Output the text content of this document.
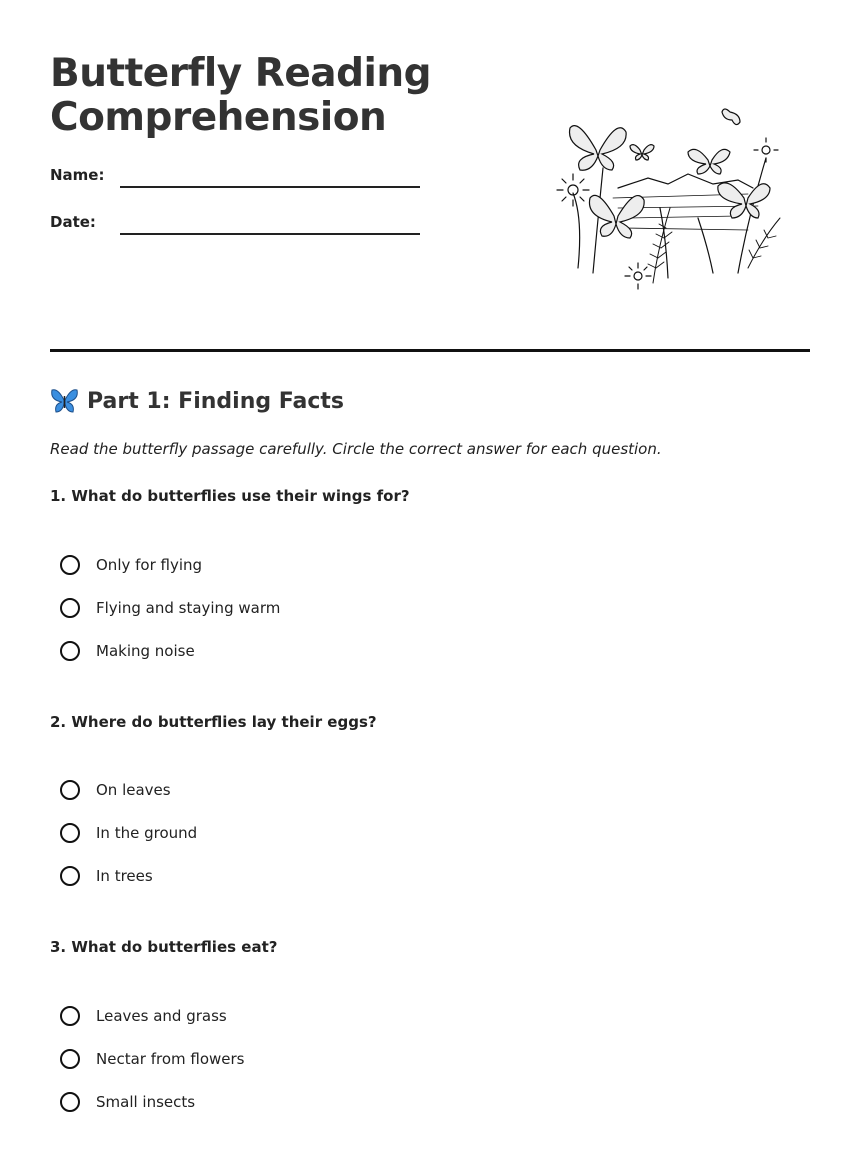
Butterfly Reading
Comprehension
Name:
Date:
Part 1: Finding Facts
Read the butterfly passage carefully. Circle the correct answer for each question.
1. What do butterflies use their wings for?
Only for flying
Flying and staying warm
Making noise
2. Where do butterflies lay their eggs?
On leaves
In the ground
In trees
3. What do butterflies eat?
Leaves and grass
Nectar from flowers
Small insects
